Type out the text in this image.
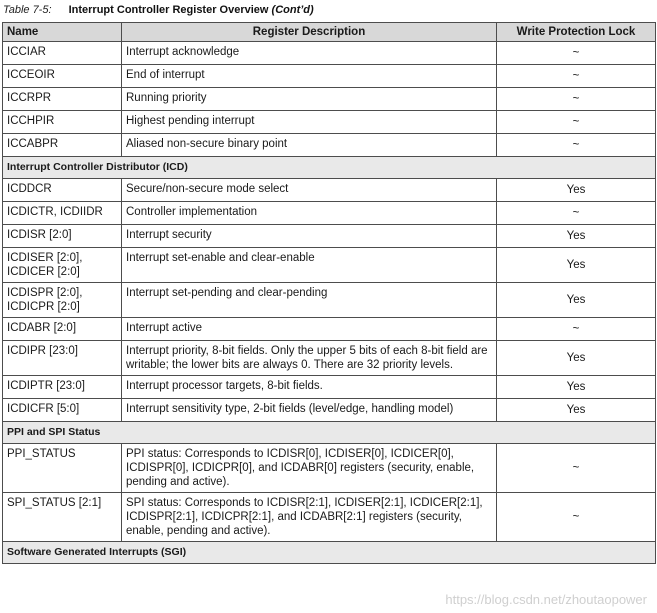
Table 7-5: Interrupt Controller Register Overview (Cont’d)
Name	Register Description	Write Protection Lock
ICCIAR	Interrupt acknowledge	~
ICCEOIR	End of interrupt	~
ICCRPR	Running priority	~
ICCHPIR	Highest pending interrupt	~
ICCABPR	Aliased non-secure binary point	~
Interrupt Controller Distributor (ICD)		
ICDDCR	Secure/non-secure mode select	Yes
ICDICTR, ICDIIDR	Controller implementation	~
ICDISR [2:0]	Interrupt security	Yes
ICDISER [2:0], ICDICER [2:0]	Interrupt set-enable and clear-enable	Yes
ICDISPR [2:0], ICDICPR [2:0]	Interrupt set-pending and clear-pending	Yes
ICDABR [2:0]	Interrupt active	~
ICDIPR [23:0]	Interrupt priority, 8-bit fields. Only the upper 5 bits of each 8-bit field are writable; the lower bits are always 0. There are 32 priority levels.	Yes
ICDIPTR [23:0]	Interrupt processor targets, 8-bit fields.	Yes
ICDICFR [5:0]	Interrupt sensitivity type, 2-bit fields (level/edge, handling model)	Yes
PPI and SPI Status		
PPI_STATUS	PPI status: Corresponds to ICDISR[0], ICDISER[0], ICDICER[0], ICDISPR[0], ICDICPR[0], and ICDABR[0] registers (security, enable, pending and active).	~
SPI_STATUS [2:1]	SPI status: Corresponds to ICDISR[2:1], ICDISER[2:1], ICDICER[2:1], ICDISPR[2:1], ICDICPR[2:1], and ICDABR[2:1] registers (security, enable, pending and active).	~
Software Generated Interrupts (SGI)		
https://blog.csdn.net/zhoutaopower
